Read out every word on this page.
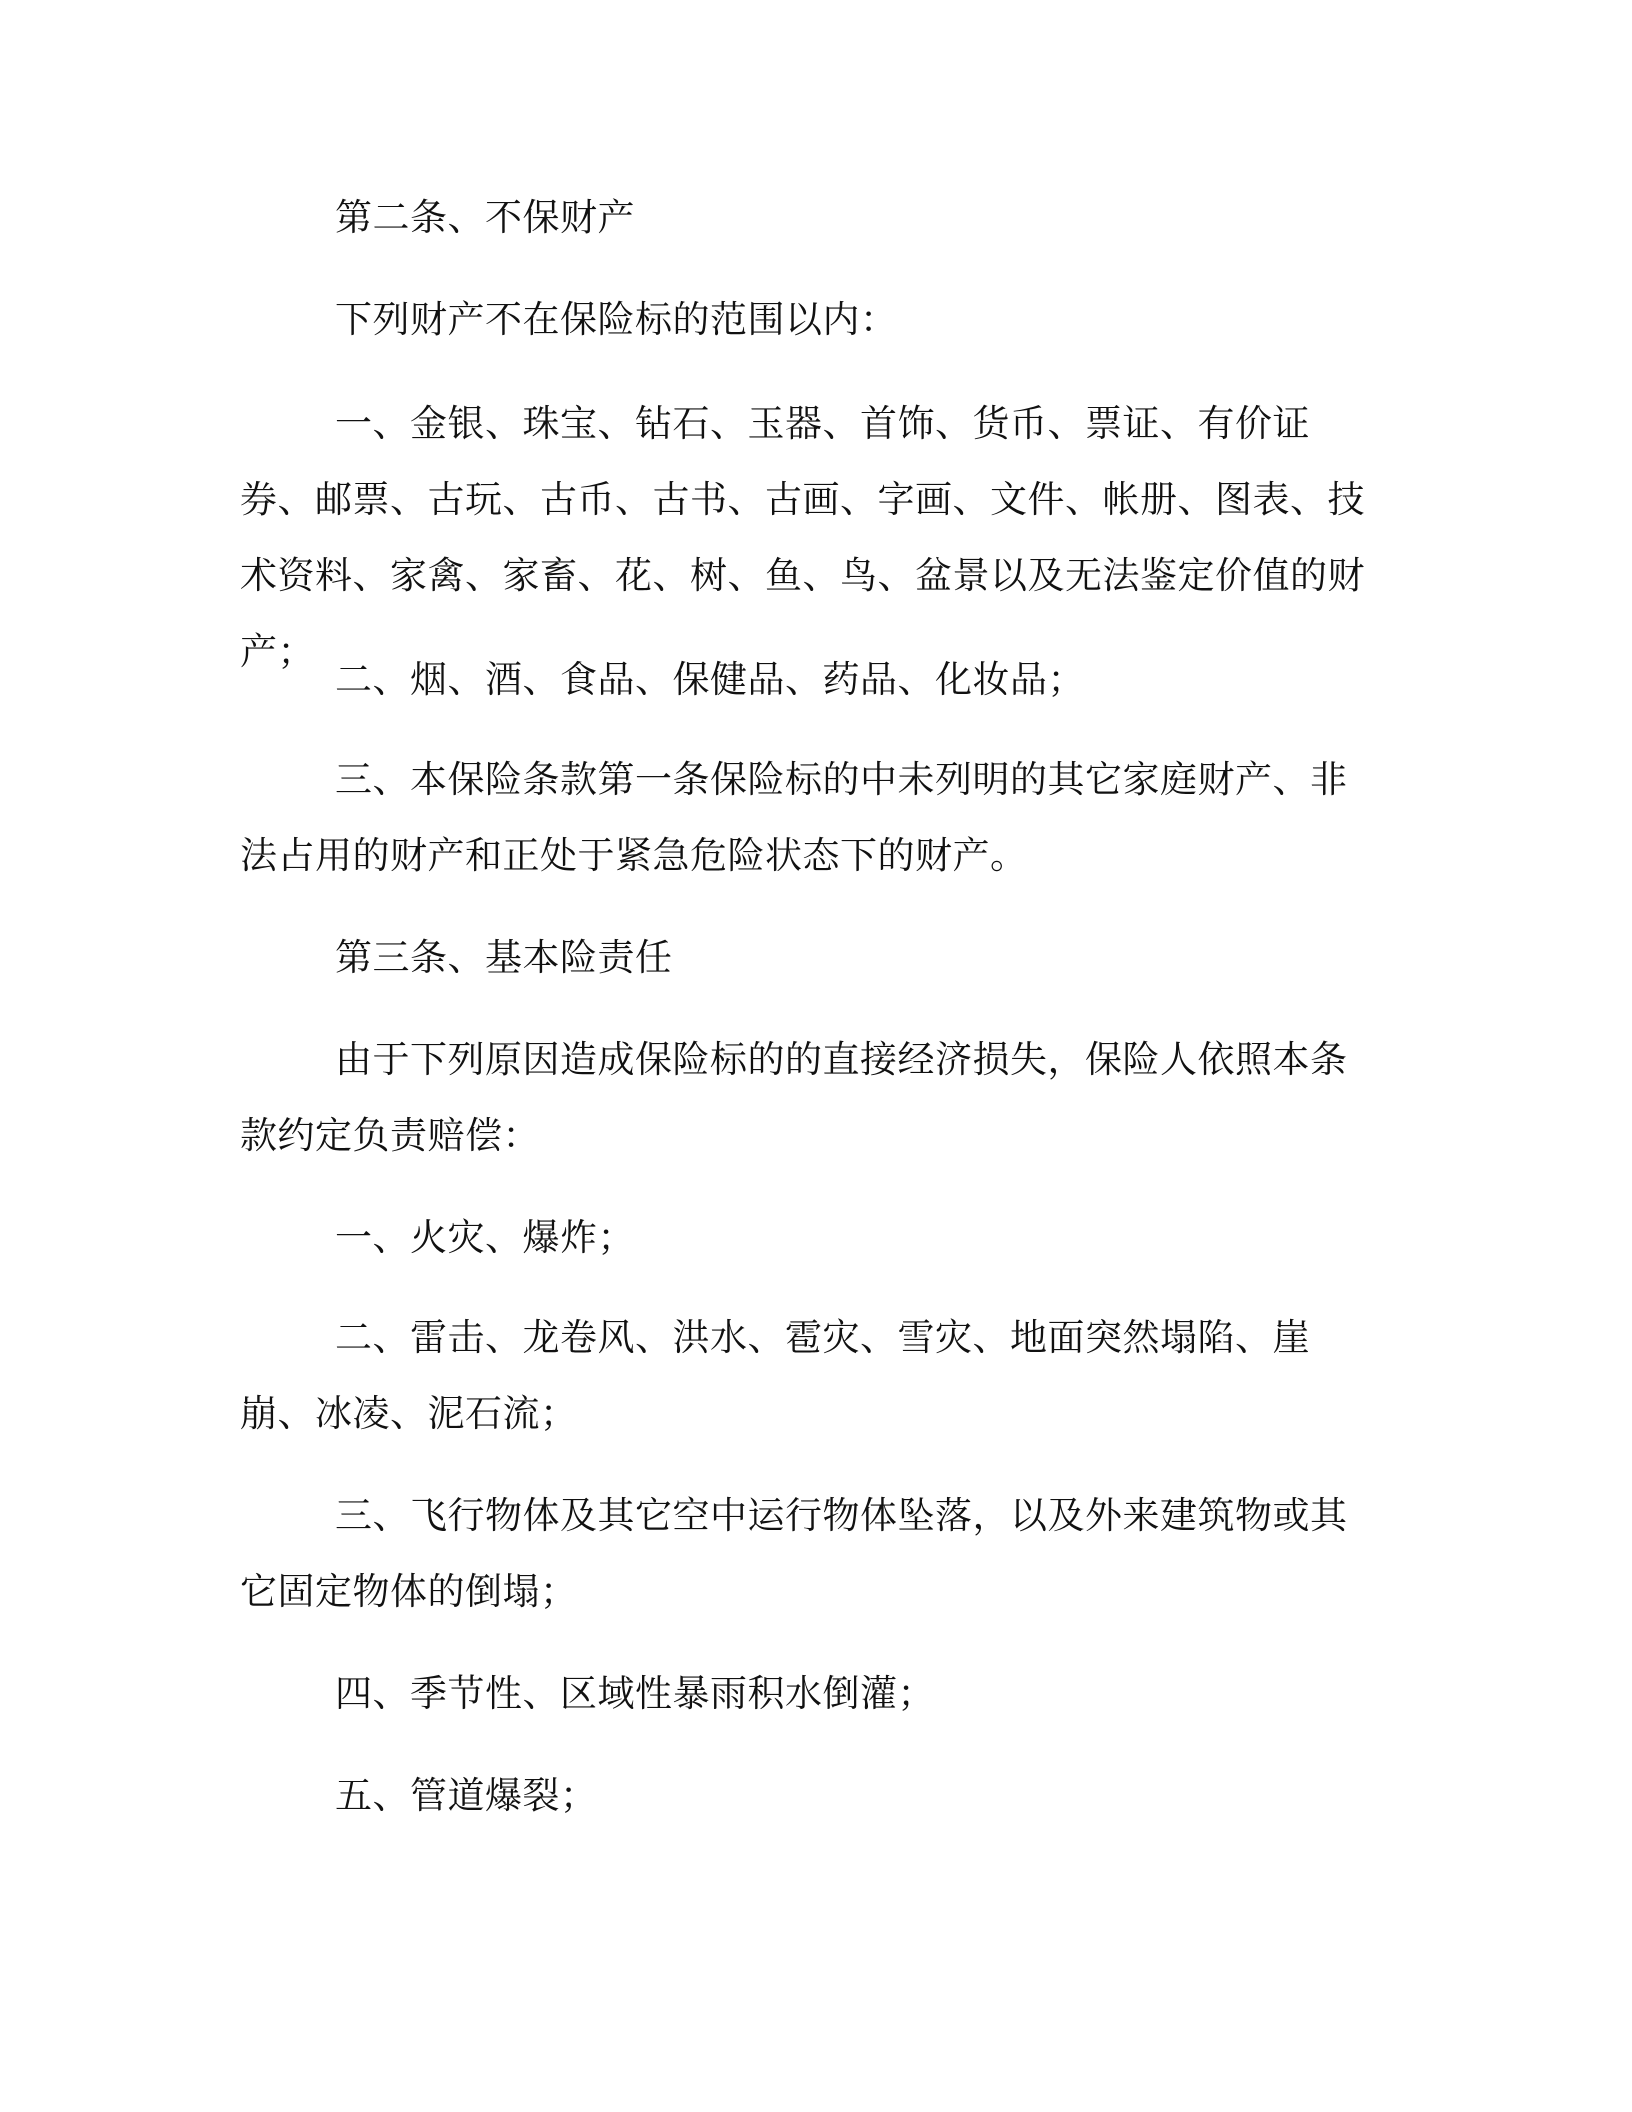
第二条、不保财产

下列财产不在保险标的范围以内：

一、金银、珠宝、钻石、玉器、首饰、货币、票证、有价证券、邮票、古玩、古币、古书、古画、字画、文件、帐册、图表、技术资料、家禽、家畜、花、树、鱼、鸟、盆景以及无法鉴定价值的财产；

二、烟、酒、食品、保健品、药品、化妆品；

三、本保险条款第一条保险标的中未列明的其它家庭财产、非法占用的财产和正处于紧急危险状态下的财产。

第三条、基本险责任

由于下列原因造成保险标的的直接经济损失，保险人依照本条款约定负责赔偿：

一、火灾、爆炸；

二、雷击、龙卷风、洪水、雹灾、雪灾、地面突然塌陷、崖崩、冰凌、泥石流；

三、飞行物体及其它空中运行物体坠落，以及外来建筑物或其它固定物体的倒塌；

四、季节性、区域性暴雨积水倒灌；

五、管道爆裂；
